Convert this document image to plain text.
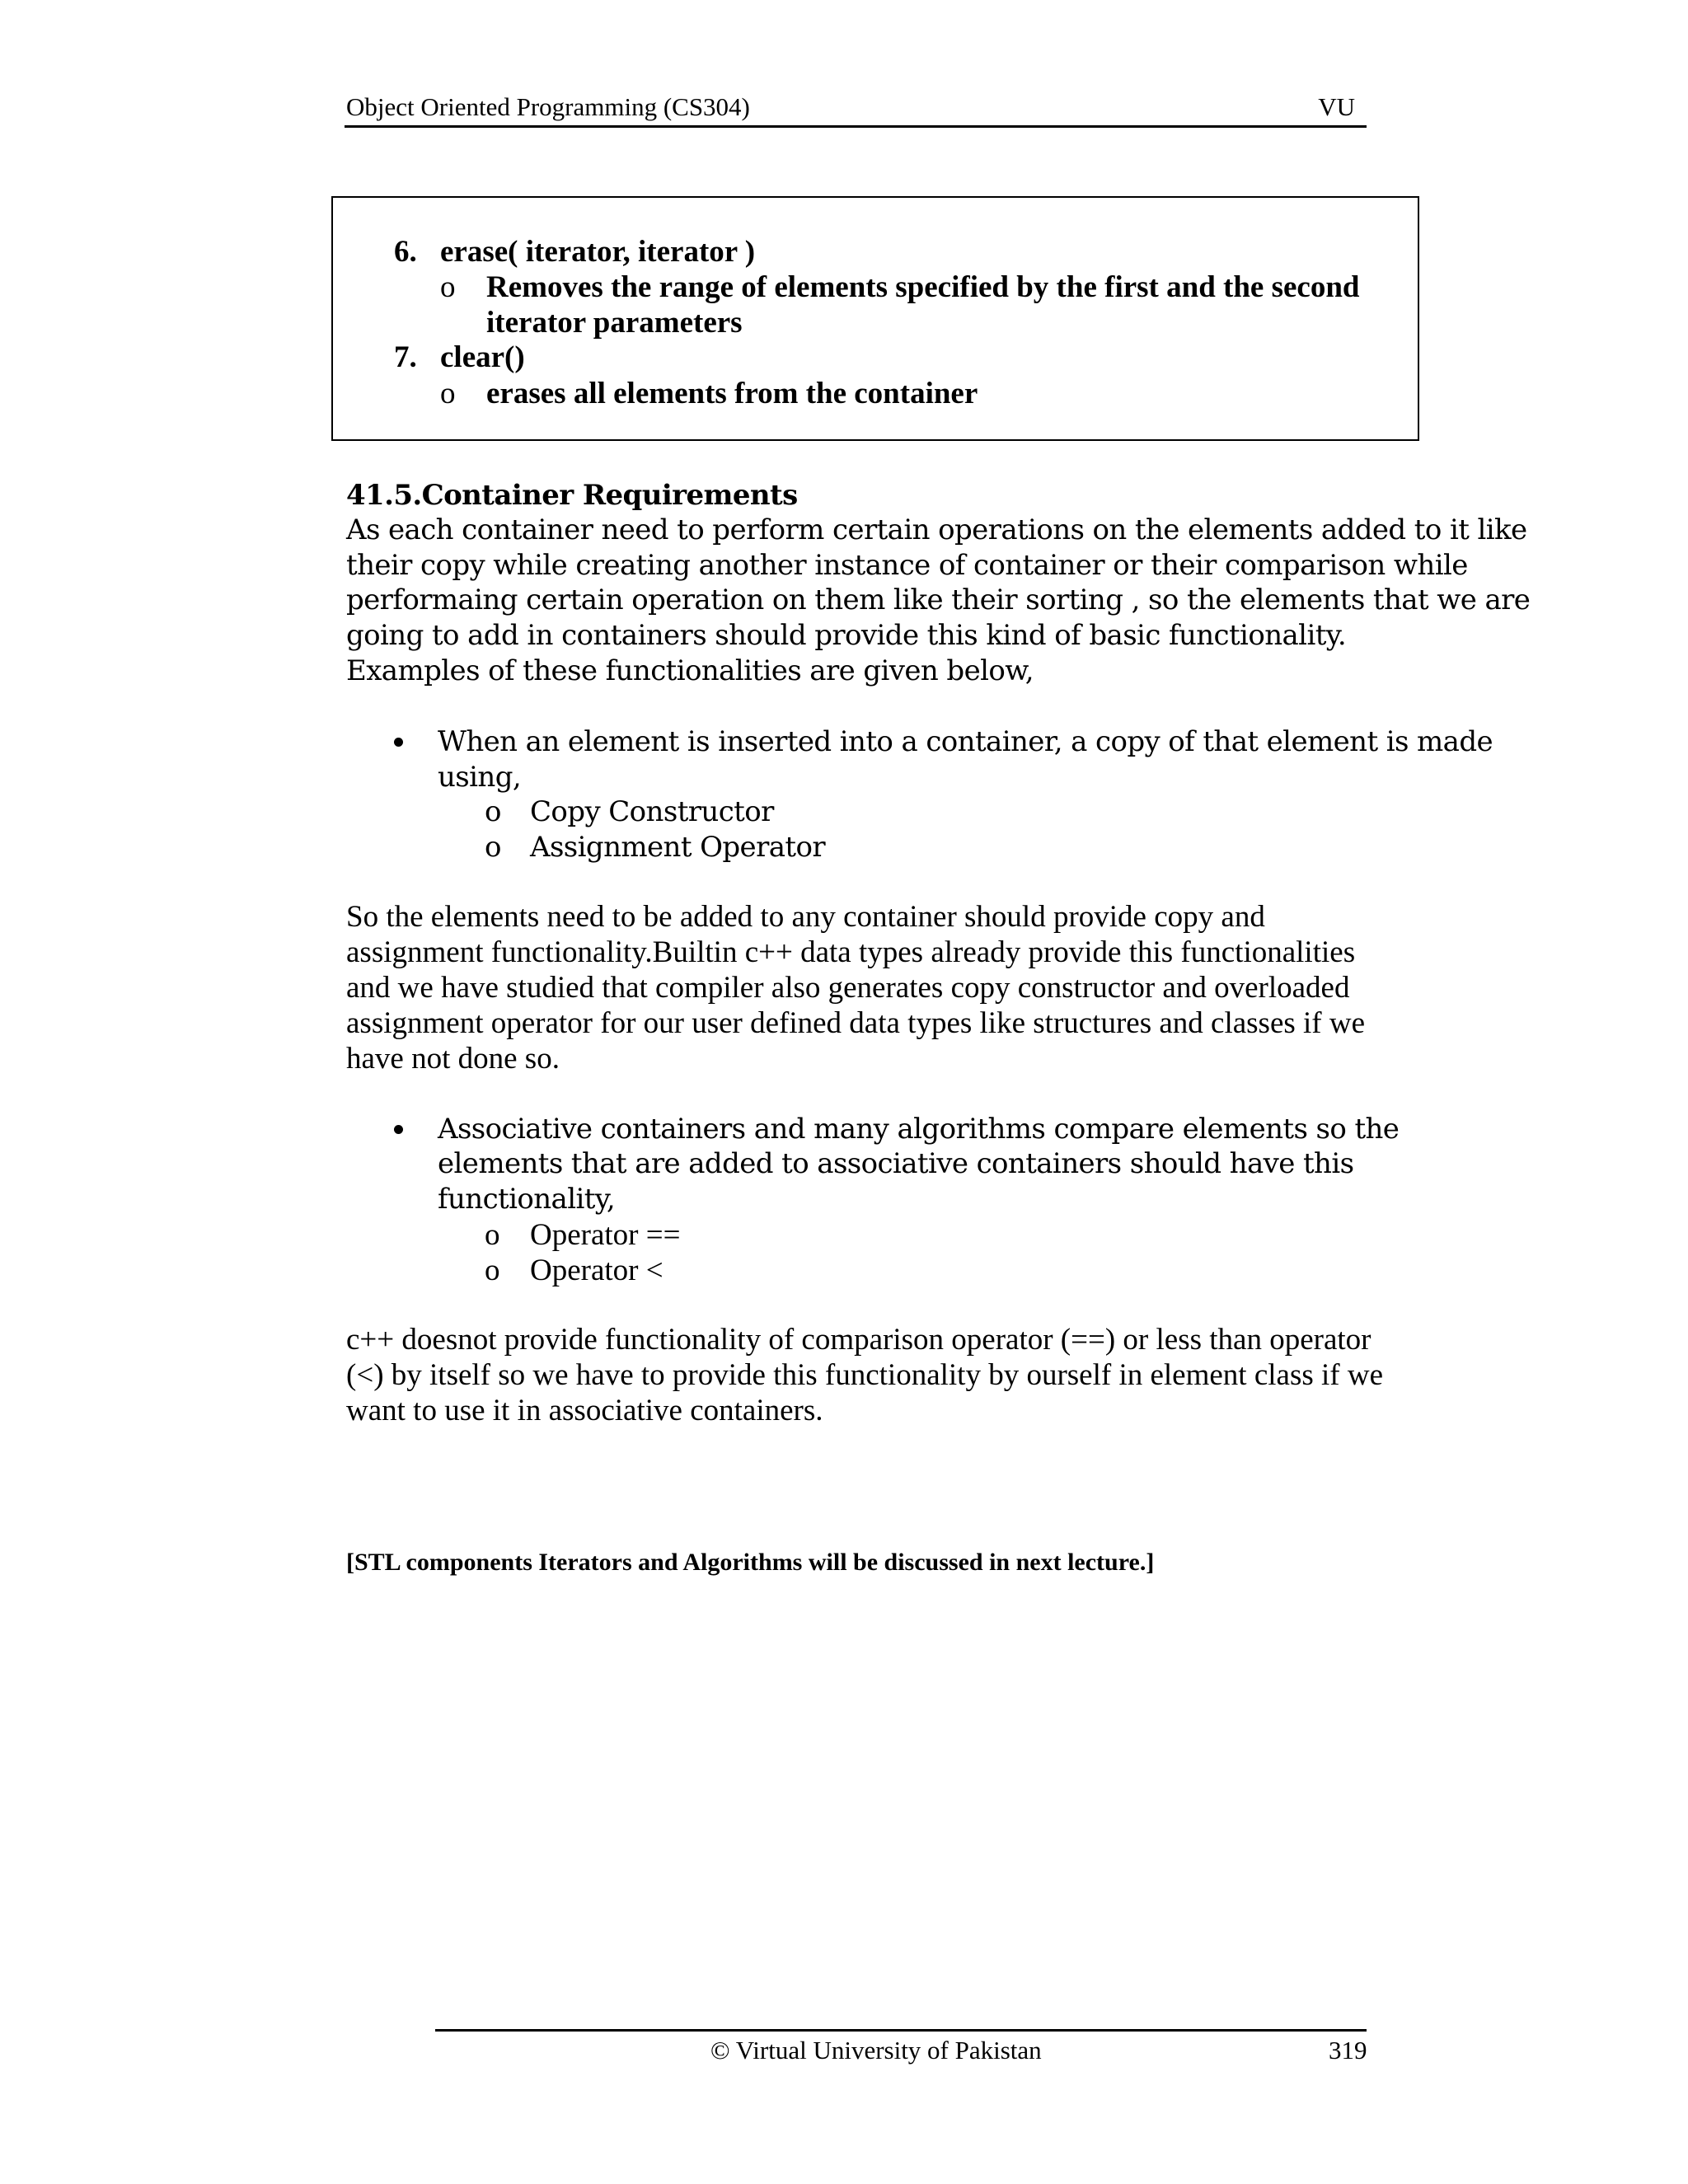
Object Oriented Programming (CS304)	VU
6. erase( iterator, iterator )
o Removes the range of elements specified by the first and the second
iterator parameters
7. clear()
o erases all elements from the container
41.5.Container Requirements
As each container need to perform certain operations on the elements added to it like
their copy while creating another instance of container or their comparison while
performaing certain operation on them like their sorting , so the elements that we are
going to add in containers should provide this kind of basic functionality.
Examples of these functionalities are given below,
When an element is inserted into a container, a copy of that element is made
using,
o Copy Constructor
o Assignment Operator
So the elements need to be added to any container should provide copy and
assignment functionality.Builtin c++ data types already provide this functionalities
and we have studied that compiler also generates copy constructor and overloaded
assignment operator for our user defined data types like structures and classes if we
have not done so.
Associative containers and many algorithms compare elements so the
elements that are added to associative containers should have this
functionality,
o Operator ==
o Operator <
c++ doesnot provide functionality of comparison operator (==) or less than operator
(<) by itself so we have to provide this functionality by ourself in element class if we
want to use it in associative containers.
[STL components Iterators and Algorithms will be discussed in next lecture.]
© Virtual University of Pakistan	319
